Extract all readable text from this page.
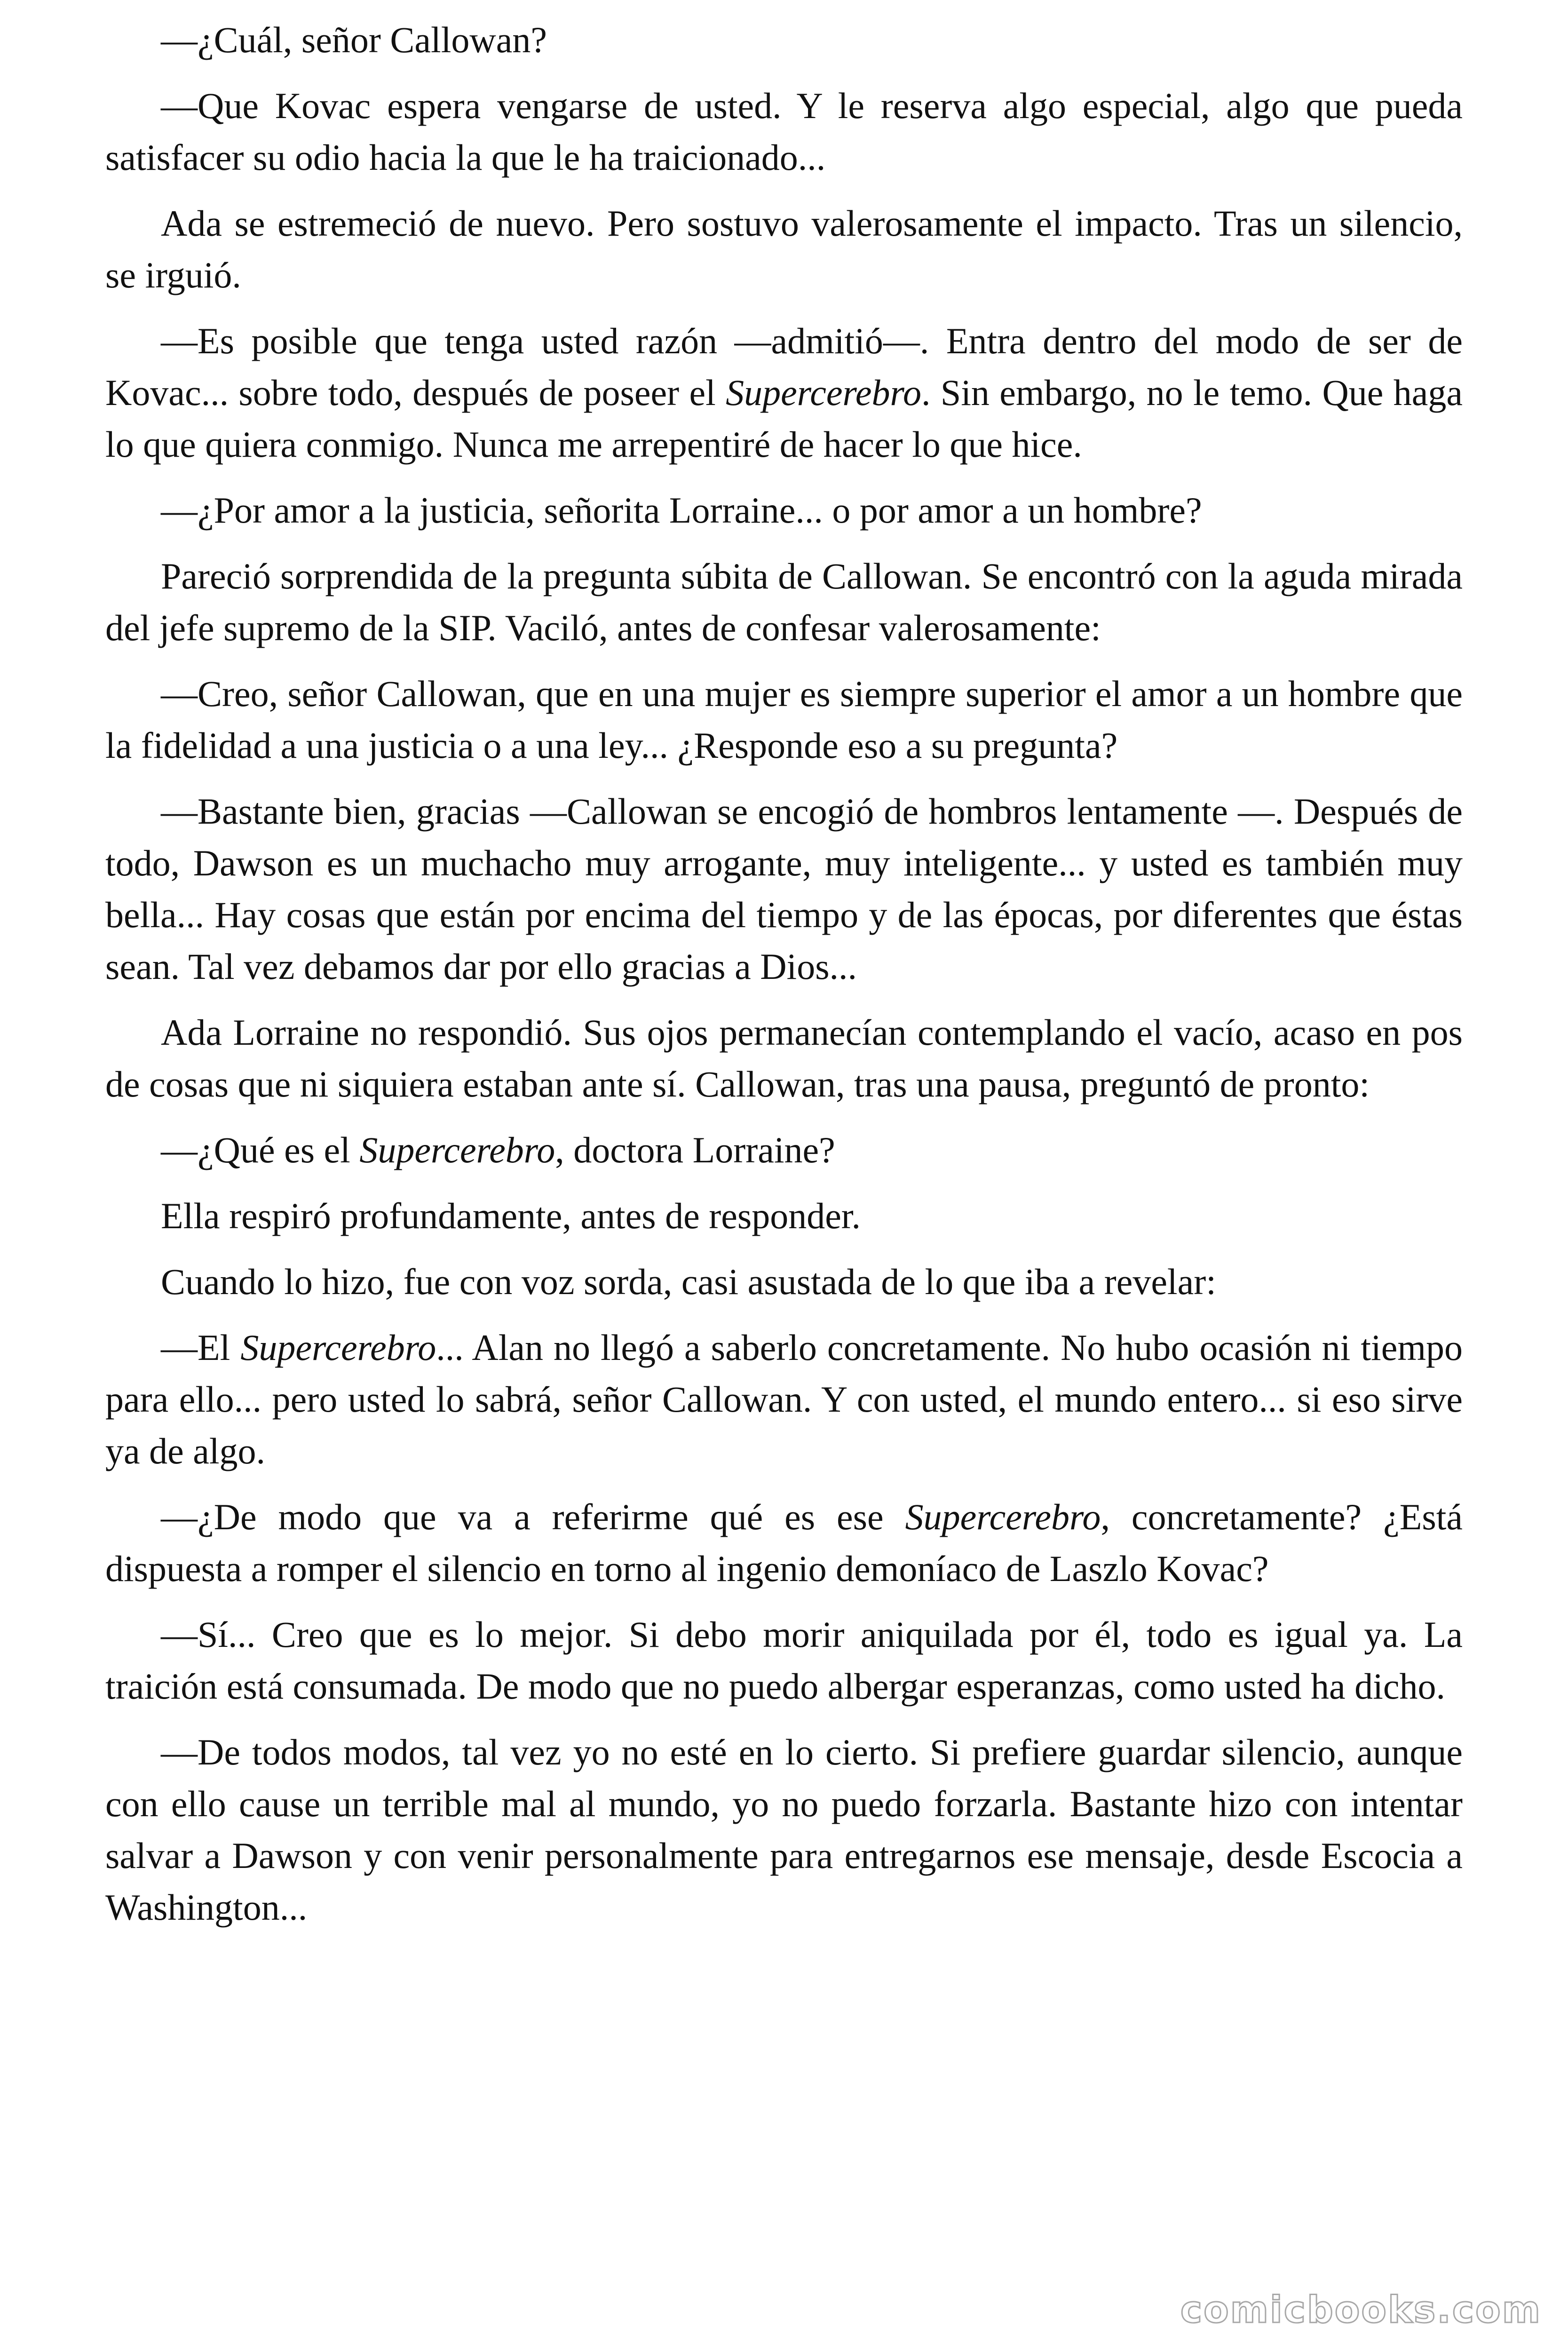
—¿Cuál, señor Callowan?

—Que Kovac espera vengarse de usted. Y le reserva algo especial, algo que pueda satisfacer su odio hacia la que le ha traicionado...

Ada se estremeció de nuevo. Pero sostuvo valerosamente el impacto. Tras un silencio, se irguió.

—Es posible que tenga usted razón —admitió—. Entra dentro del modo de ser de Kovac... sobre todo, después de poseer el Supercerebro. Sin embargo, no le temo. Que haga lo que quiera conmigo. Nunca me arrepentiré de hacer lo que hice.

—¿Por amor a la justicia, señorita Lorraine... o por amor a un hombre?

Pareció sorprendida de la pregunta súbita de Callowan. Se encontró con la aguda mirada del jefe supremo de la SIP. Vaciló, antes de confesar valerosamente:

—Creo, señor Callowan, que en una mujer es siempre superior el amor a un hombre que la fidelidad a una justicia o a una ley... ¿Responde eso a su pregunta?

—Bastante bien, gracias —Callowan se encogió de hombros lentamente —. Después de todo, Dawson es un muchacho muy arrogante, muy inteligente... y usted es también muy bella... Hay cosas que están por encima del tiempo y de las épocas, por diferentes que éstas sean. Tal vez debamos dar por ello gracias a Dios...

Ada Lorraine no respondió. Sus ojos permanecían contemplando el vacío, acaso en pos de cosas que ni siquiera estaban ante sí. Callowan, tras una pausa, preguntó de pronto:

—¿Qué es el Supercerebro, doctora Lorraine?

Ella respiró profundamente, antes de responder.

Cuando lo hizo, fue con voz sorda, casi asustada de lo que iba a revelar:

—El Supercerebro... Alan no llegó a saberlo concretamente. No hubo ocasión ni tiempo para ello... pero usted lo sabrá, señor Callowan. Y con usted, el mundo entero... si eso sirve ya de algo.

—¿De modo que va a referirme qué es ese Supercerebro, concretamente? ¿Está dispuesta a romper el silencio en torno al ingenio demoníaco de Laszlo Kovac?

—Sí... Creo que es lo mejor. Si debo morir aniquilada por él, todo es igual ya. La traición está consumada. De modo que no puedo albergar esperanzas, como usted ha dicho.

—De todos modos, tal vez yo no esté en lo cierto. Si prefiere guardar silencio, aunque con ello cause un terrible mal al mundo, yo no puedo forzarla. Bastante hizo con intentar salvar a Dawson y con venir personalmente para entregarnos ese mensaje, desde Escocia a Washington...

comicbooks.com
